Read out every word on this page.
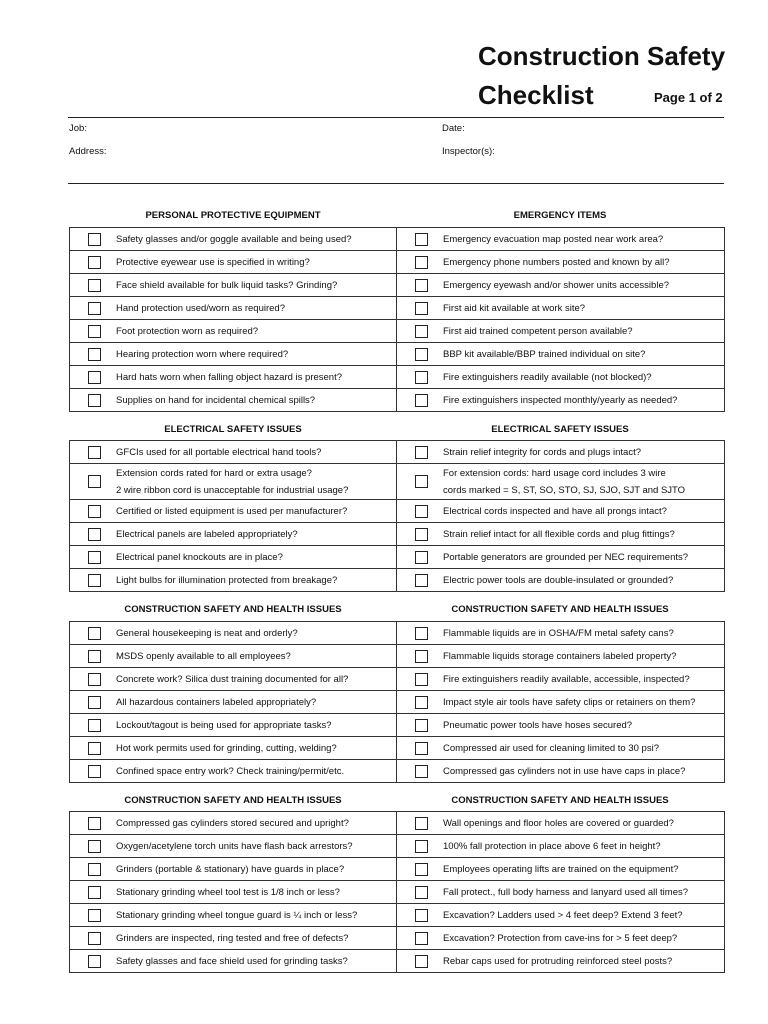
Construction Safety
Checklist	Page 1 of 2
Job:
Address:
Date:
Inspector(s):
PERSONAL PROTECTIVE EQUIPMENT	EMERGENCY ITEMS
Safety glasses and/or goggle available and being used?	Emergency evacuation map posted near work area?

Protective eyewear use is specified in writing?	Emergency phone numbers posted and known by all?

Face shield available for bulk liquid tasks? Grinding?	Emergency eyewash and/or shower units accessible?

Hand protection used/worn as required?	First aid kit available at work site?

Foot protection worn as required?	First aid trained competent person available?

Hearing protection worn where required?	BBP kit available/BBP trained individual on site?

Hard hats worn when falling object hazard is present?	Fire extinguishers readily available (not blocked)?

Supplies on hand for incidental chemical spills?	Fire extinguishers inspected monthly/yearly as needed?
ELECTRICAL SAFETY ISSUES	ELECTRICAL SAFETY ISSUES
GFCIs used for all portable electrical hand tools?	Strain relief integrity for cords and plugs intact?

Extension cords rated for hard or extra usage?
2 wire ribbon cord is unacceptable for industrial usage?	For extension cords: hard usage cord includes 3 wire
cords marked = S, ST, SO, STO, SJ, SJO, SJT and SJTO

Certified or listed equipment is used per manufacturer?	Electrical cords inspected and have all prongs intact?

Electrical panels are labeled appropriately?	Strain relief intact for all flexible cords and plug fittings?

Electrical panel knockouts are in place?	Portable generators are grounded per NEC requirements?

Light bulbs for illumination protected from breakage?	Electric power tools are double-insulated or grounded?
CONSTRUCTION SAFETY AND HEALTH ISSUES	CONSTRUCTION SAFETY AND HEALTH ISSUES
General housekeeping is neat and orderly?	Flammable liquids are in OSHA/FM metal safety cans?

MSDS openly available to all employees?	Flammable liquids storage containers labeled property?

Concrete work? Silica dust training documented for all?	Fire extinguishers readily available, accessible, inspected?

All hazardous containers labeled appropriately?	Impact style air tools have safety clips or retainers on them?

Lockout/tagout is being used for appropriate tasks?	Pneumatic power tools have hoses secured?

Hot work permits used for grinding, cutting, welding?	Compressed air used for cleaning limited to 30 psi?

Confined space entry work? Check training/permit/etc.	Compressed gas cylinders not in use have caps in place?
CONSTRUCTION SAFETY AND HEALTH ISSUES	CONSTRUCTION SAFETY AND HEALTH ISSUES
Compressed gas cylinders stored secured and upright?	Wall openings and floor holes are covered or guarded?

Oxygen/acetylene torch units have flash back arrestors?	100% fall protection in place above 6 feet in height?

Grinders (portable & stationary) have guards in place?	Employees operating lifts are trained on the equipment?

Stationary grinding wheel tool test is 1/8 inch or less?	Fall protect., full body harness and lanyard used all times?

Stationary grinding wheel tongue guard is ¼ inch or less?	Excavation? Ladders used > 4 feet deep? Extend 3 feet?

Grinders are inspected, ring tested and free of defects?	Excavation? Protection from cave-ins for > 5 feet deep?

Safety glasses and face shield used for grinding tasks?	Rebar caps used for protruding reinforced steel posts?
